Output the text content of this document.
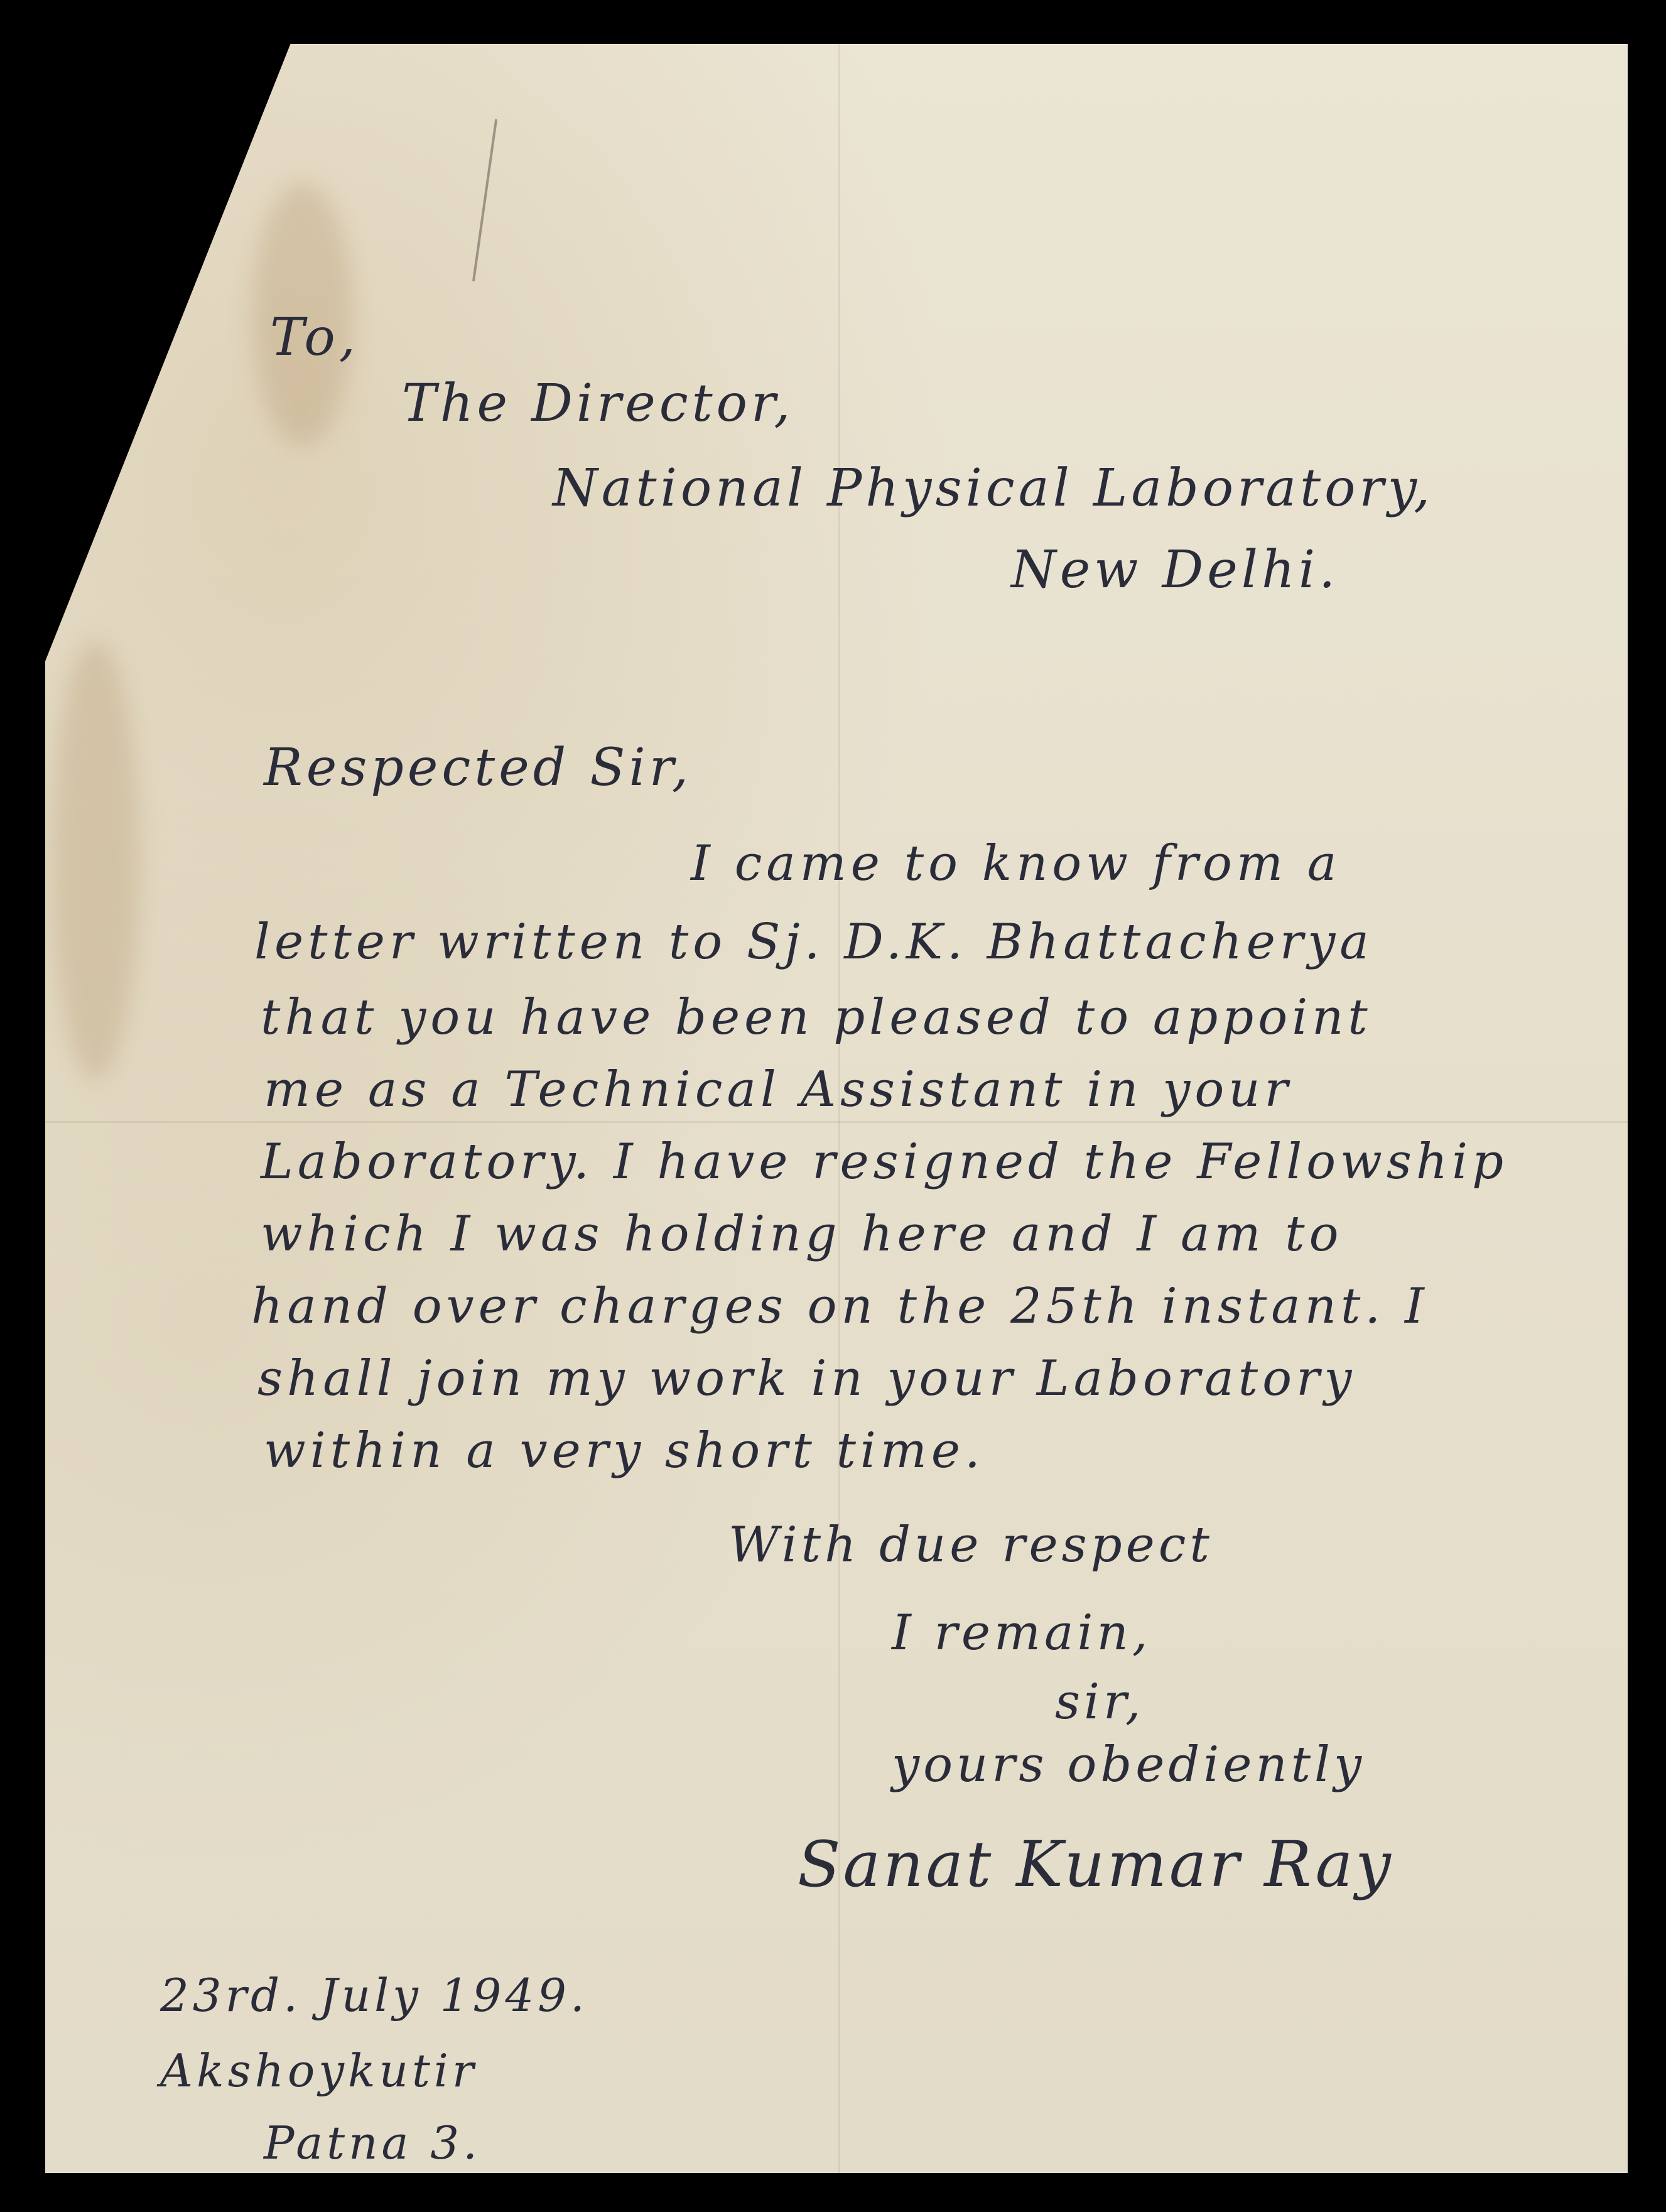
To,
The Director,
National Physical Laboratory,
New Delhi.
Respected Sir,
I came to know from a
letter written to Sj. D.K. Bhattacherya
that you have been pleased to appoint
me as a Technical Assistant in your
Laboratory. I have resigned the Fellowship
which I was holding here and I am to
hand over charges on the 25th instant. I
shall join my work in your Laboratory
within a very short time.
With due respect
I remain,
sir,
yours obediently
Sanat Kumar Ray
23rd. July 1949.
Akshoykutir
Patna 3.
